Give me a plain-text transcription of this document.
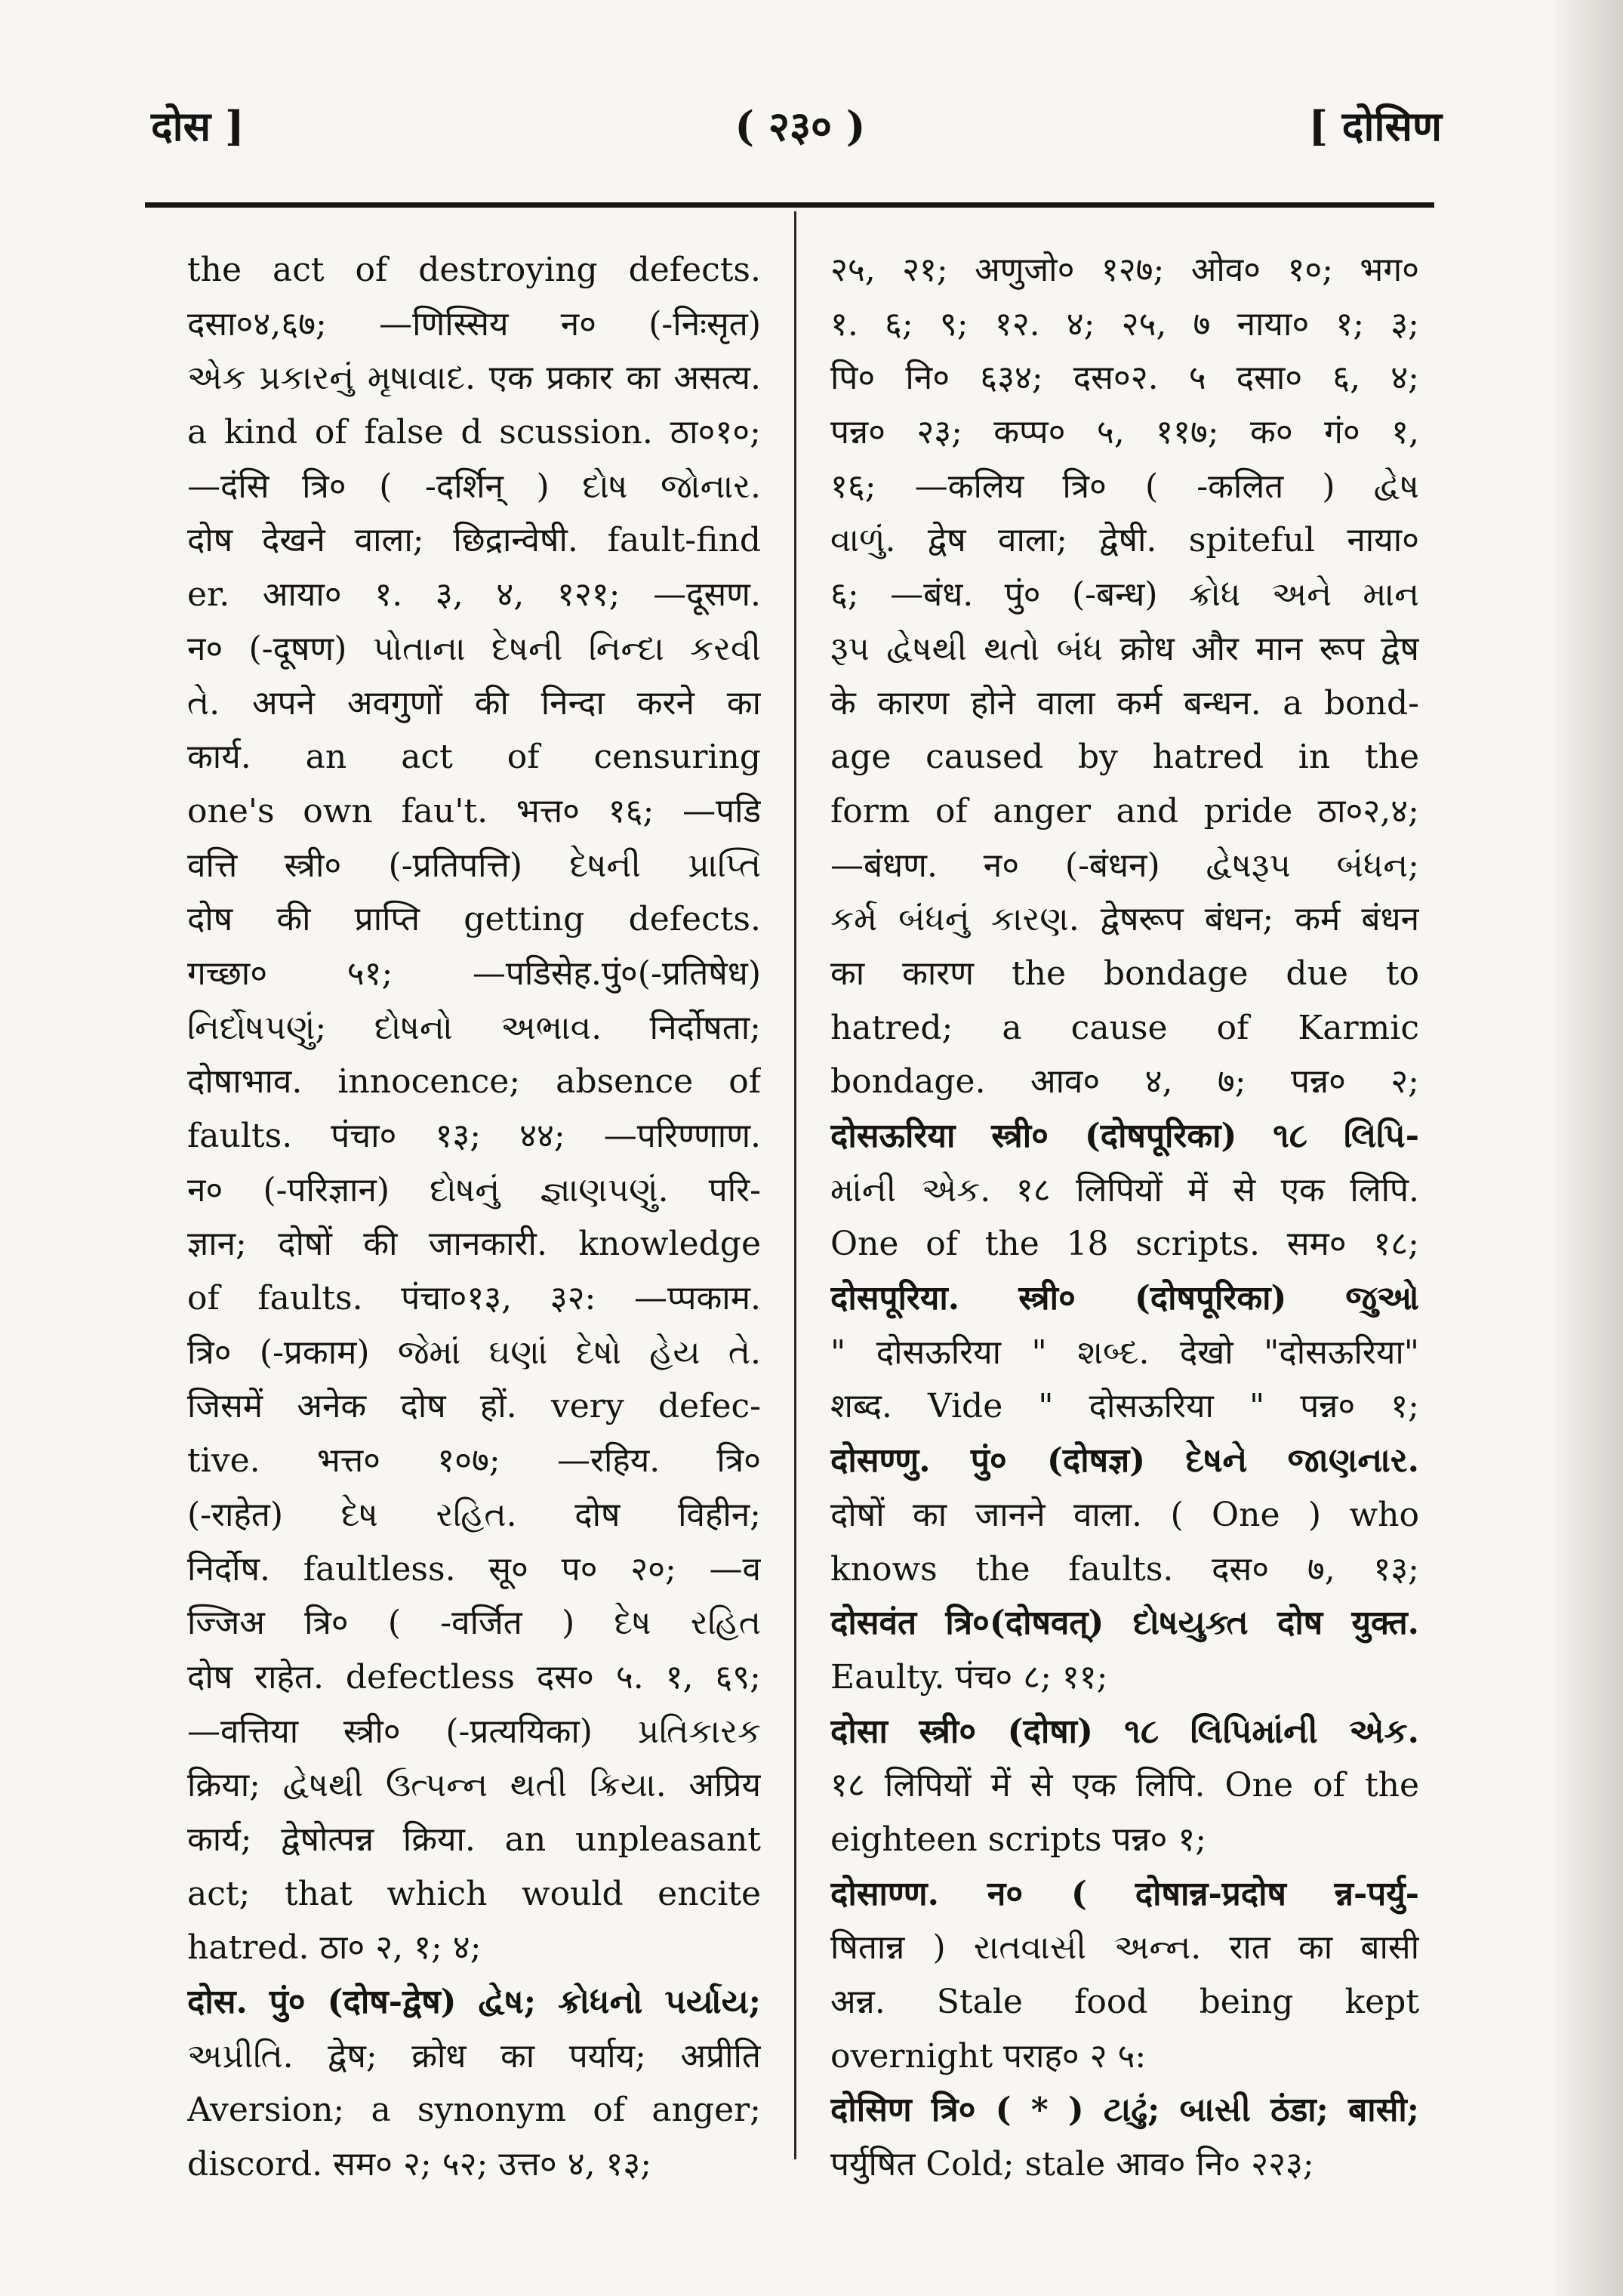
दोस ]	( २३० )	[ दोसिण
the act of destroying defects.
दसा०४,६७; —णिस्सिय न० (-निःसृत)
એક પ્રકારનું મૃષાવાદ. एक प्रकार का असत्य.
a kind of false d scussion. ठा०१०;
—दंसि त्रि० ( -दर्शिन् ) દોષ જોનાર.
दोष देखने वाला; छिद्रान्वेषी. fault-find
er. आया० १. ३, ४, १२१; —दूसण.
न० (-दूषण) પોતાના દેષની નિન્દા કરવી
તે. अपने अवगुणों की निन्दा करने का
कार्य. an act of censuring
one's own fau't. भत्त० १६; —पडि
वत्ति स्त्री० (-प्रतिपत्ति) દેષની પ્રાપ્તિ
दोष की प्राप्ति getting defects.
गच्छा० ५१; —पडिसेह.पुं०(-प्रतिषेध)
નિર્દોષપણું; દોષનો અભાવ. निर्दोषता;
दोषाभाव. innocence; absence of
faults. पंचा० १३; ४४; —परिण्णाण.
न० (-परिज्ञान) દોષનું જ્ઞાણપણું. परि-
ज्ञान; दोषों की जानकारी. knowledge
of faults. पंचा०१३, ३२: —प्पकाम.
त्रि० (-प्रकाम) જેમાં ઘણાં દેષો હેય તે.
जिसमें अनेक दोष हों. very defec-
tive. भत्त० १०७; —रहिय. त्रि०
(-राहेत) દેષ રહિત. दोष विहीन;
निर्दोष. faultless. सू० प० २०; —व
ज्जिअ त्रि० ( -वर्जित ) દેષ રહિત
दोष राहेत. defectless दस० ५. १, ६९;
—वत्तिया स्त्री० (-प्रत्ययिका) પ્રતિકારક
क्रिया; દ્વેષથી ઉત્પન્ન થતી ક્રિયા. अप्रिय
कार्य; द्वेषोत्पन्न क्रिया. an unpleasant
act; that which would encite
hatred. ठा० २, १; ४;
दोस. पुं० (दोष-द्वेष) દ્વેષ; ક્રોધનો પર્યાય;
અપ્રીતિ. द्वेष; क्रोध का पर्याय; अप्रीति
Aversion; a synonym of anger;
discord. सम० २; ५२; उत्त० ४, १३;
२५, २१; अणुजो० १२७; ओव० १०; भग०
१. ६; ९; १२. ४; २५, ७ नाया० १; ३;
पि० नि० ६३४; दस०२. ५ दसा० ६, ४;
पन्न० २३; कप्प० ५, ११७; क० गं० १,
१६; —कलिय त्रि० ( -कलित ) દ્વેષ
વાળું. द्वेष वाला; द्वेषी. spiteful नाया०
६; —बंध. पुं० (-बन्ध) ક્રોધ અને માન
રૂપ દ્વેષથી થતો બંધ क्रोध और मान रूप द्वेष
के कारण होने वाला कर्म बन्धन. a bond-
age caused by hatred in the
form of anger and pride ठा०२,४;
—बंधण. न० (-बंधन) દ્વેષરૂપ બંધન;
કર્મ બંધનું કારણ. द्वेषरूप बंधन; कर्म बंधन
का कारण the bondage due to
hatred; a cause of Karmic
bondage. आव० ४, ७; पन्न० २;
दोसऊरिया स्त्री० (दोषपूरिका) ૧૮ લિપિ-
માંની એક. १८ लिपियों में से एक लिपि.
One of the 18 scripts. सम० १८;
दोसपूरिया. स्त्री० (दोषपूरिका) જુઓ
" दोसऊरिया " શબ્દ. देखो "दोसऊरिया"
शब्द. Vide " दोसऊरिया " पन्न० १;
दोसण्णु. पुं० (दोषज्ञ) દેષને જાણનાર.
दोषों का जानने वाला. ( One ) who
knows the faults. दस० ७, १३;
दोसवंत त्रि०(दोषवत्) દોષયુક્ત दोष युक्त.
Eaulty. पंच० ८; ११;
दोसा स्त्री० (दोषा) ૧૮ લિપિમાંની એક.
१८ लिपियों में से एक लिपि. One of the
eighteen scripts पन्न० १;
दोसाण्ण. न० ( दोषान्न-प्रदोष न्न-पर्यु-
षितान्न ) રાતવાસી અન્ન. रात का बासी
अन्न. Stale food being kept
overnight पराह० २ ५:
दोसिण त्रि० ( * ) ટાઢું; બાસી ठंडा; बासी;
पर्युषित Cold; stale आव० नि० २२३;
